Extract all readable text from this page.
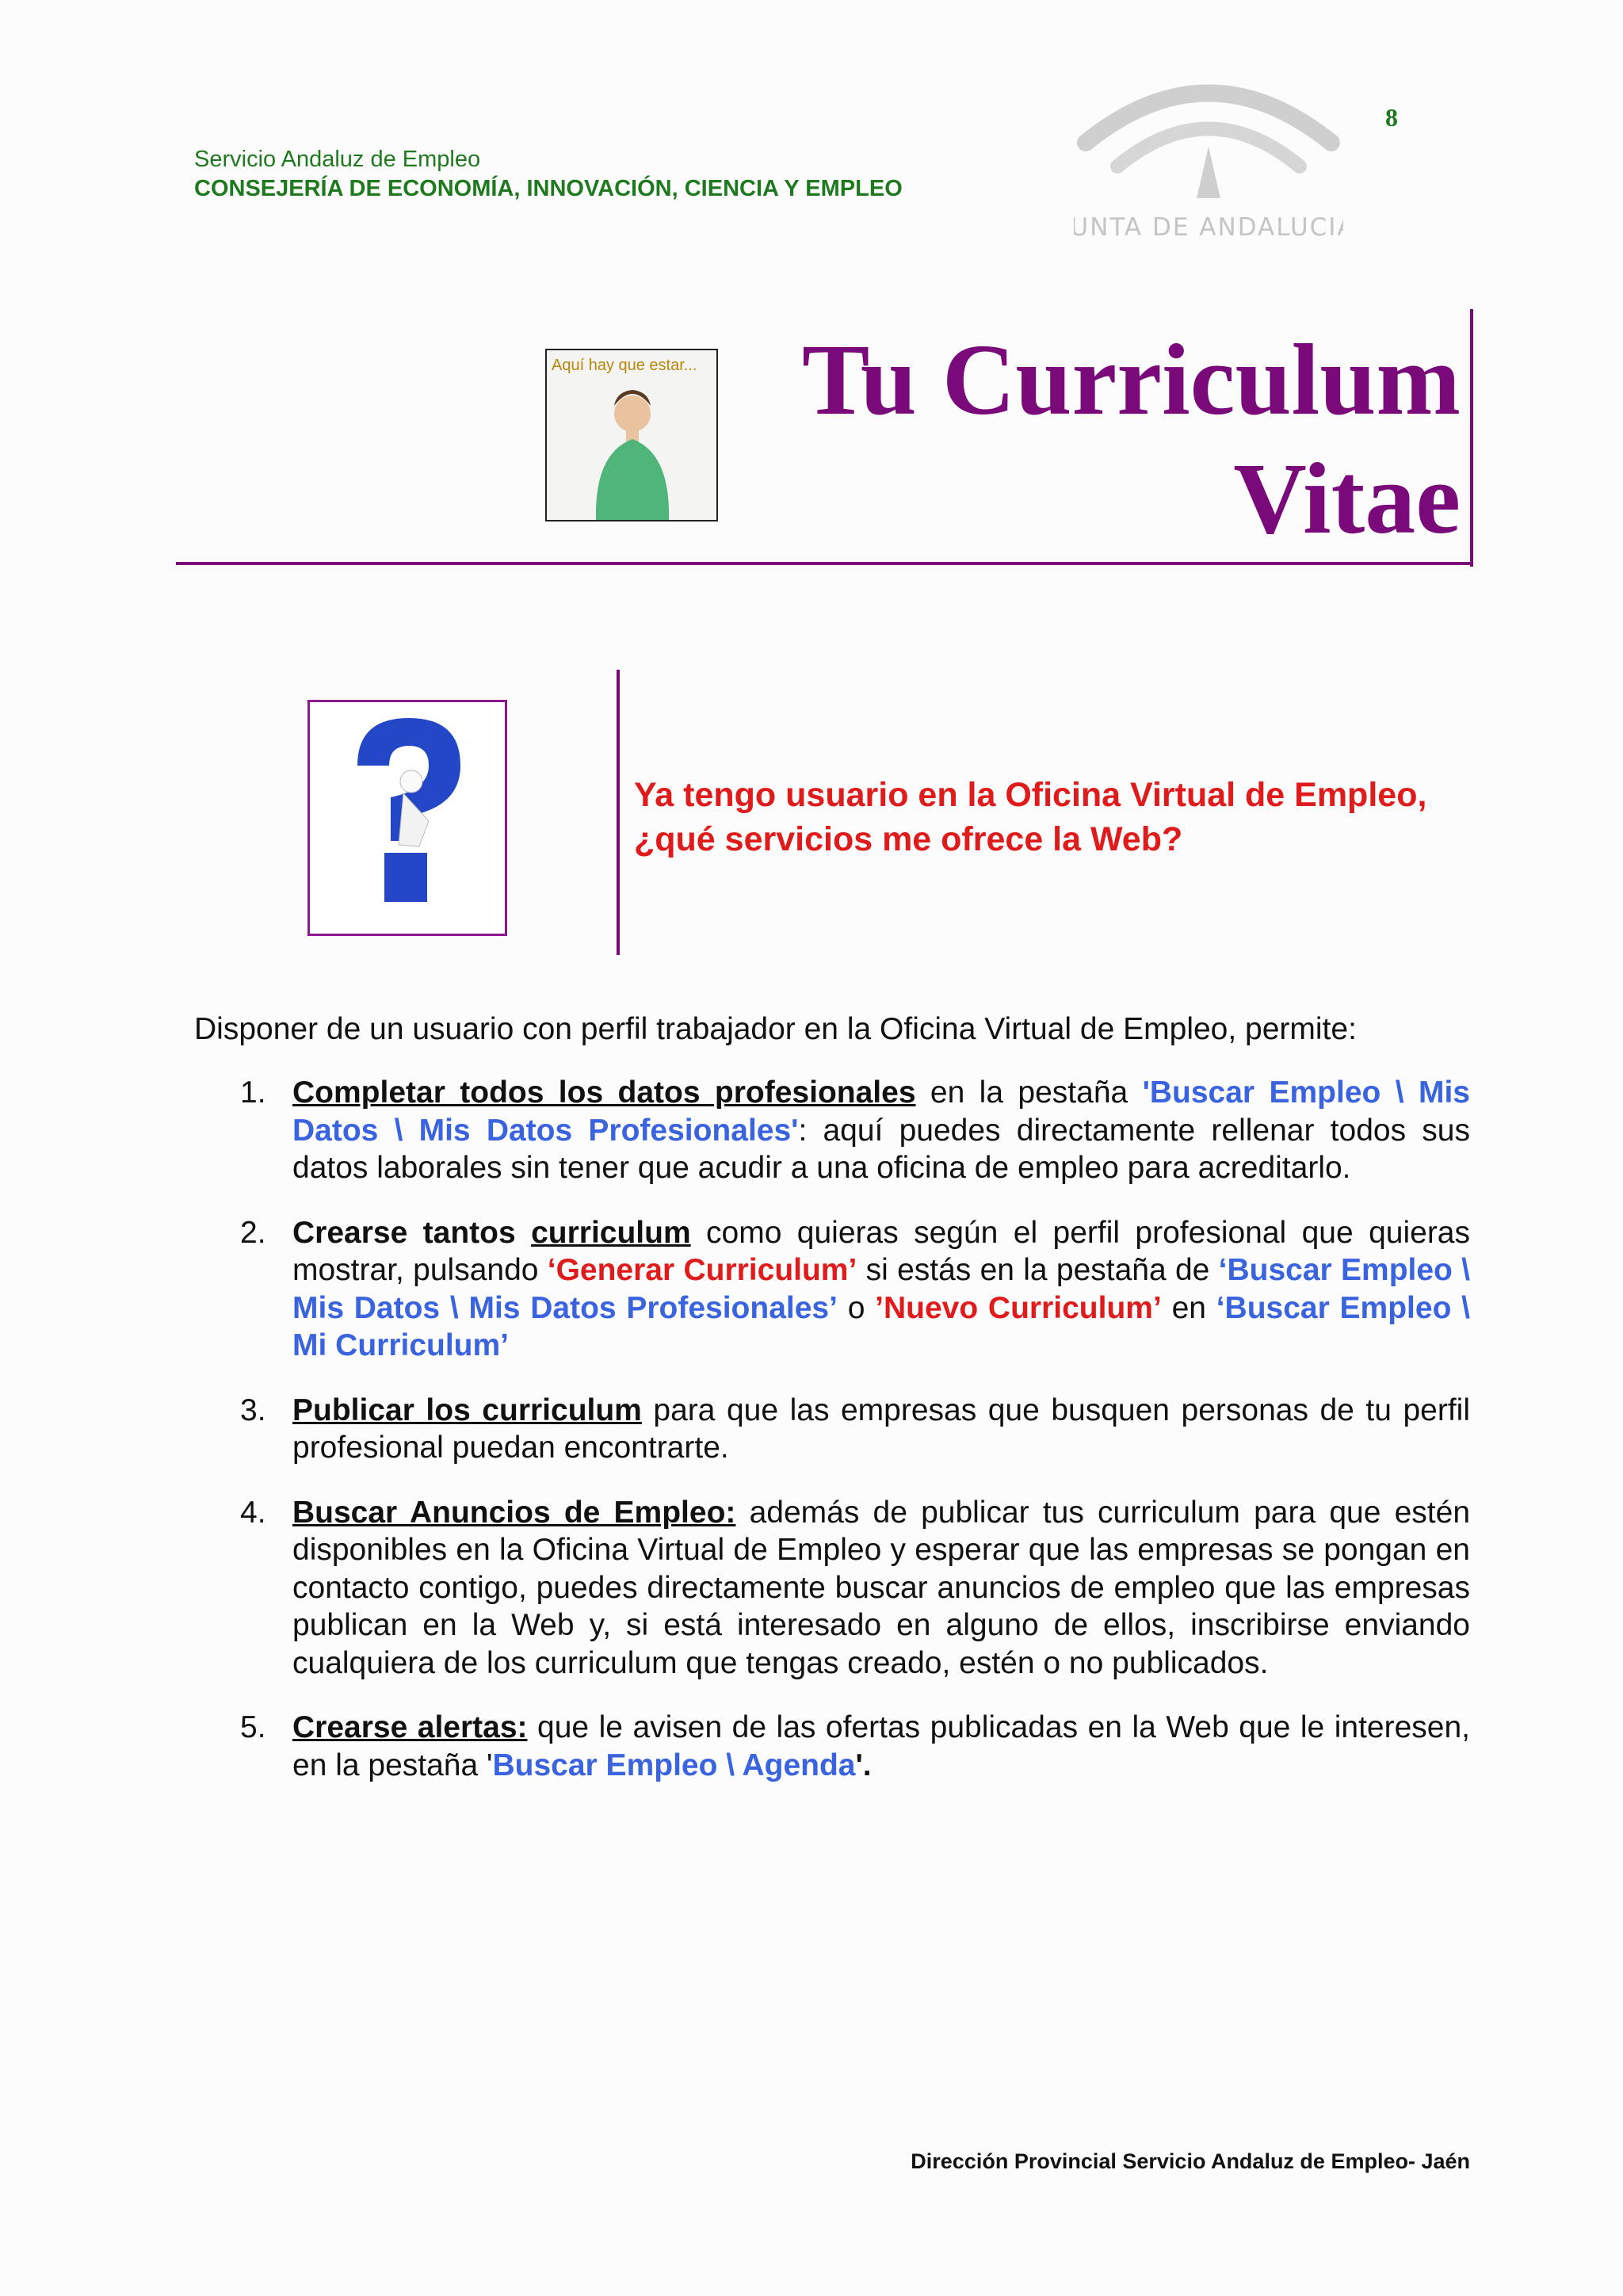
Servicio Andaluz de Empleo
CONSEJERÍA DE ECONOMÍA, INNOVACIÓN, CIENCIA Y EMPLEO
8
JUNTA DE ANDALUCIA
Aquí hay que estar... Tu Curriculum
Vitae
Ya tengo usuario en la Oficina Virtual de Empleo, ¿qué servicios me ofrece la Web?
Disponer de un usuario con perfil trabajador en la Oficina Virtual de Empleo, permite:
1. Completar todos los datos profesionales en la pestaña 'Buscar Empleo \ Mis Datos \ Mis Datos Profesionales': aquí puedes directamente rellenar todos sus datos laborales sin tener que acudir a una oficina de empleo para acreditarlo.
2. Crearse tantos curriculum como quieras según el perfil profesional que quieras mostrar, pulsando ‘Generar Curriculum’ si estás en la pestaña de ‘Buscar Empleo \ Mis Datos \ Mis Datos Profesionales’ o ’Nuevo Curriculum’ en ‘Buscar Empleo \ Mi Curriculum’
3. Publicar los curriculum para que las empresas que busquen personas de tu perfil profesional puedan encontrarte.
4. Buscar Anuncios de Empleo: además de publicar tus curriculum para que estén disponibles en la Oficina Virtual de Empleo y esperar que las empresas se pongan en contacto contigo, puedes directamente buscar anuncios de empleo que las empresas publican en la Web y, si está interesado en alguno de ellos, inscribirse enviando cualquiera de los curriculum que tengas creado, estén o no publicados.
5. Crearse alertas: que le avisen de las ofertas publicadas en la Web que le interesen, en la pestaña 'Buscar Empleo \ Agenda'.
Dirección Provincial Servicio Andaluz de Empleo- Jaén
